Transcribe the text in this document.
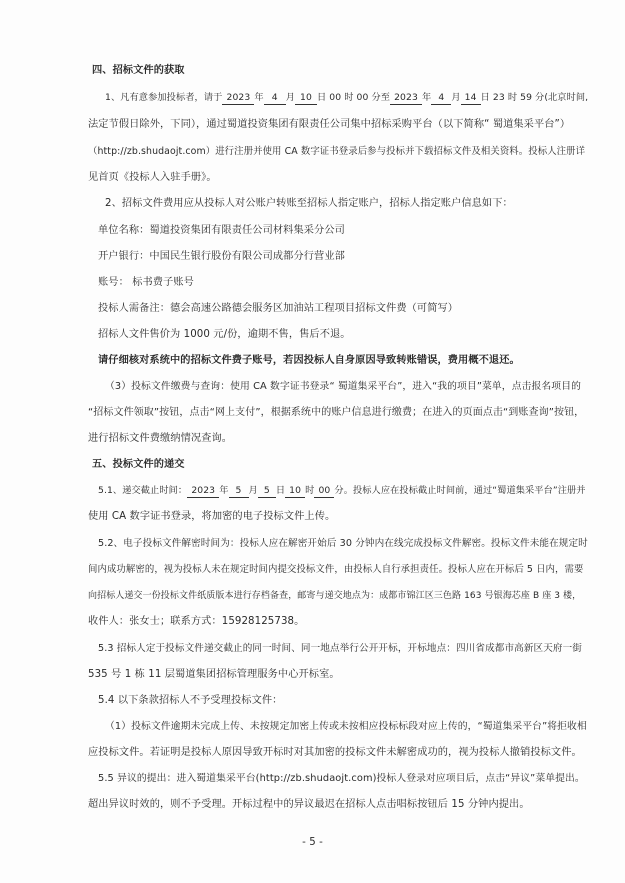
四、招标文件的获取
1、凡有意参加投标者，请于 2023 年 4 月 10 日 00 时 00 分至 2023 年 4 月 14 日 23 时 59 分(北京时间,
法定节假日除外，下同），通过蜀道投资集团有限责任公司集中招标采购平台（以下简称“ 蜀道集采平台”）
（http://zb.shudaojt.com）进行注册并使用 CA 数字证书登录后参与投标并下载招标文件及相关资料。投标人注册详
见首页《投标人入驻手册》。
2、招标文件费用应从投标人对公账户转账至招标人指定账户，招标人指定账户信息如下：
单位名称：蜀道投资集团有限责任公司材料集采分公司
开户银行：中国民生银行股份有限公司成都分行营业部
账号： 标书费子账号
投标人需备注：德会高速公路德会服务区加油站工程项目招标文件费（可简写）
招标人文件售价为 1000 元/份，逾期不售，售后不退。
请仔细核对系统中的招标文件费子账号，若因投标人自身原因导致转账错误，费用概不退还。
（3）投标文件缴费与查询：使用 CA 数字证书登录“ 蜀道集采平台”，进入“我的项目”菜单，点击报名项目的
“招标文件领取”按钮，点击“网上支付”，根据系统中的账户信息进行缴费；在进入的页面点击“到账查询”按钮，
进行招标文件费缴纳情况查询。
五、投标文件的递交
5.1、递交截止时间： 2023 年 5 月 5 日 10 时 00 分。投标人应在投标截止时间前，通过“蜀道集采平台”注册并
使用 CA 数字证书登录，将加密的电子投标文件上传。
5.2、电子投标文件解密时间为：投标人应在解密开始后 30 分钟内在线完成投标文件解密。投标文件未能在规定时
间内成功解密的，视为投标人未在规定时间内提交投标文件，由投标人自行承担责任。投标人应在开标后 5 日内，需要
向招标人递交一份投标文件纸质版本进行存档备查，邮寄与递交地点为：成都市锦江区三色路 163 号银海芯座 B 座 3 楼，
收件人：张女士；联系方式：15928125738。
5.3 招标人定于投标文件递交截止的同一时间、同一地点举行公开开标，开标地点：四川省成都市高新区天府一街
535 号 1 栋 11 层蜀道集团招标管理服务中心开标室。
5.4 以下条款招标人不予受理投标文件：
（1）投标文件逾期未完成上传、未按规定加密上传或未按相应投标标段对应上传的，“蜀道集采平台”将拒收相
应投标文件。若证明是投标人原因导致开标时对其加密的投标文件未解密成功的，视为投标人撤销投标文件。
5.5 异议的提出：进入蜀道集采平台(http://zb.shudaojt.com)投标人登录对应项目后，点击“异议”菜单提出。
超出异议时效的，则不予受理。开标过程中的异议最迟在招标人点击唱标按钮后 15 分钟内提出。
- 5 -
